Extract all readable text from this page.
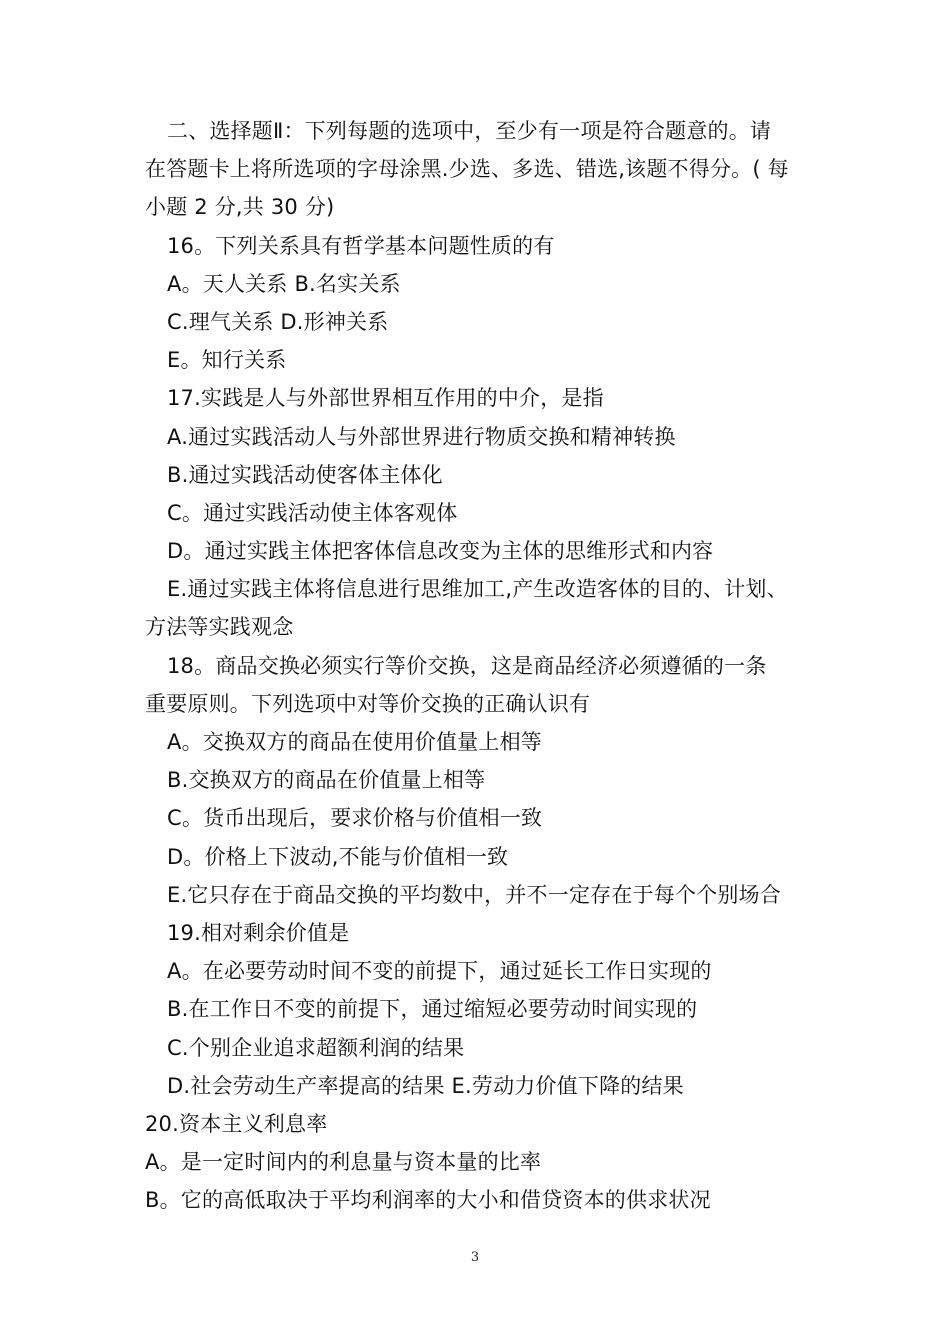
二、选择题Ⅱ：下列每题的选项中，至少有一项是符合题意的。请
在答题卡上将所选项的字母涂黑.少选、多选、错选,该题不得分。( 每
小题 2 分,共 30 分)
16。下列关系具有哲学基本问题性质的有
A。天人关系 B.名实关系
C.理气关系 D.形神关系
E。知行关系
17.实践是人与外部世界相互作用的中介，是指
A.通过实践活动人与外部世界进行物质交换和精神转换
B.通过实践活动使客体主体化
C。通过实践活动使主体客观体
D。通过实践主体把客体信息改变为主体的思维形式和内容
E.通过实践主体将信息进行思维加工,产生改造客体的目的、计划、
方法等实践观念
18。商品交换必须实行等价交换，这是商品经济必须遵循的一条
重要原则。下列选项中对等价交换的正确认识有
A。交换双方的商品在使用价值量上相等
B.交换双方的商品在价值量上相等
C。货币出现后，要求价格与价值相一致
D。价格上下波动,不能与价值相一致
E.它只存在于商品交换的平均数中，并不一定存在于每个个别场合
19.相对剩余价值是
A。在必要劳动时间不变的前提下，通过延长工作日实现的
B.在工作日不变的前提下，通过缩短必要劳动时间实现的
C.个别企业追求超额利润的结果
D.社会劳动生产率提高的结果 E.劳动力价值下降的结果
20.资本主义利息率
A。是一定时间内的利息量与资本量的比率
B。它的高低取决于平均利润率的大小和借贷资本的供求状况
3
